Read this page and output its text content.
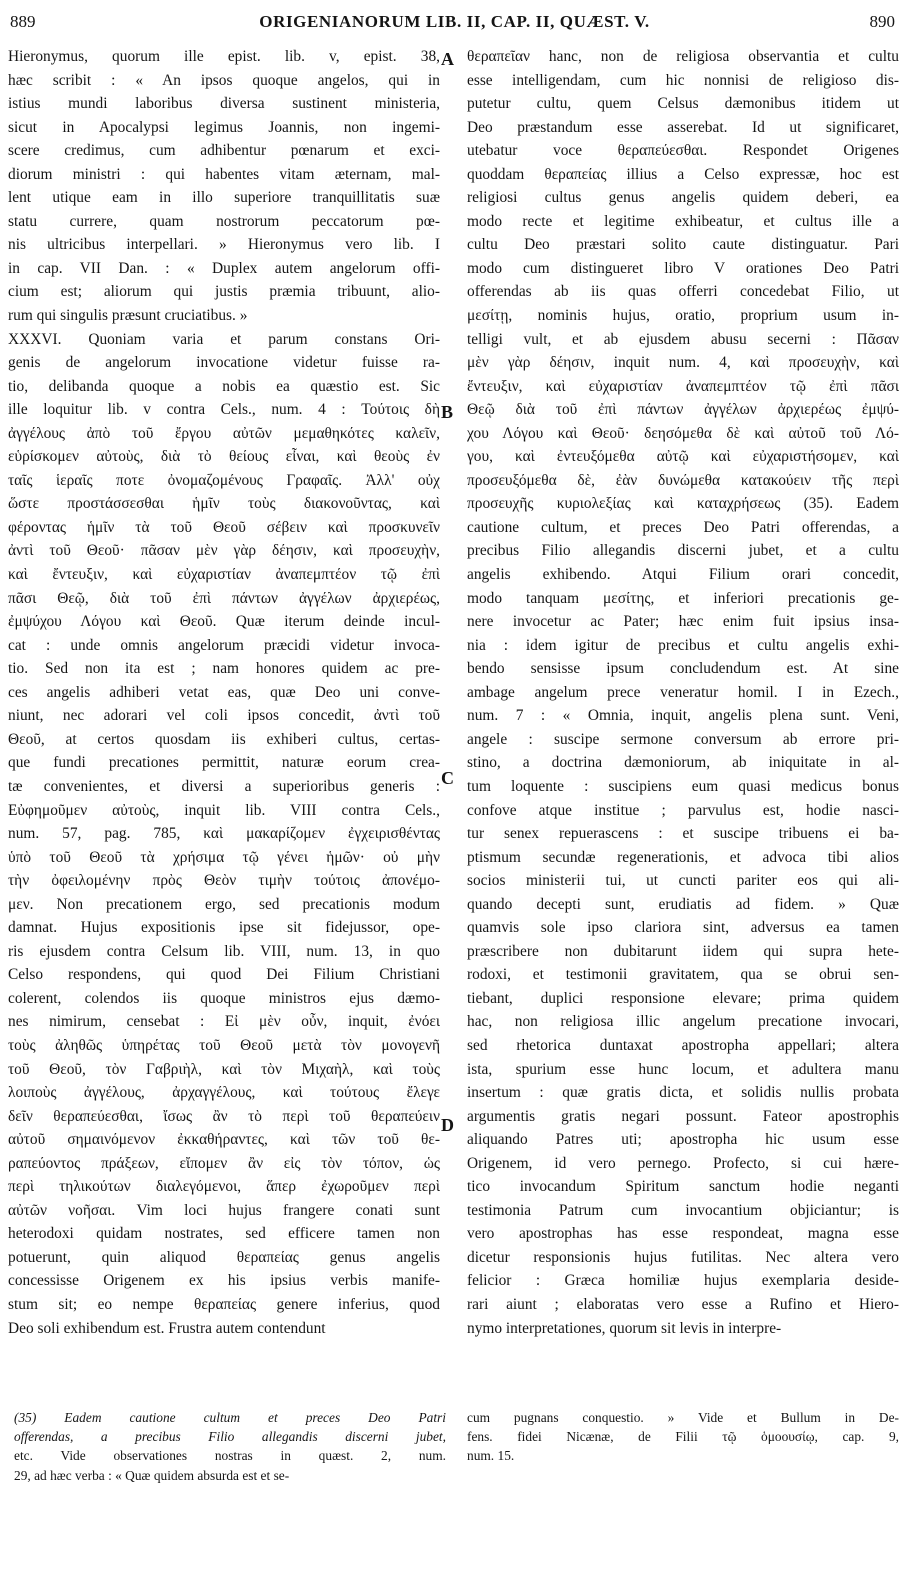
889	ORIGENIANORUM LIB. II, CAP. II, QUÆST. V.	890
A
B
C
D
Hieronymus, quorum ille epist. lib. v, epist. 38,
hæc scribit : « An ipsos quoque angelos, qui in
istius mundi laboribus diversa sustinent ministeria,
sicut in Apocalypsi legimus Joannis, non ingemi-
scere credimus, cum adhibentur pœnarum et exci-
diorum ministri : qui habentes vitam æternam, mal-
lent utique eam in illo superiore tranquillitatis suæ
statu currere, quam nostrorum peccatorum pœ-
nis ultricibus interpellari. » Hieronymus vero lib. I
in cap. VII Dan. : « Duplex autem angelorum offi-
cium est; aliorum qui justis præmia tribuunt, alio-
rum qui singulis præsunt cruciatibus. »
XXXVI. Quoniam varia et parum constans Ori-
genis de angelorum invocatione videtur fuisse ra-
tio, delibanda quoque a nobis ea quæstio est. Sic
ille loquitur lib. v contra Cels., num. 4 : Τούτοις δὴ
ἀγγέλους ἀπὸ τοῦ ἔργου αὐτῶν μεμαθηκότες καλεῖν,
εὑρίσκομεν αὐτοὺς, διὰ τὸ θείους εἶναι, καὶ θεοὺς ἐν
ταῖς ἱεραῖς ποτε ὀνομαζομένους Γραφαῖς. Ἀλλ' οὐχ
ὥστε προστάσσεσθαι ἡμῖν τοὺς διακονοῦντας, καὶ
φέροντας ἡμῖν τὰ τοῦ Θεοῦ σέβειν καὶ προσκυνεῖν
ἀντὶ τοῦ Θεοῦ· πᾶσαν μὲν γὰρ δέησιν, καὶ προσευχὴν,
καὶ ἔντευξιν, καὶ εὐχαριστίαν ἀναπεμπτέον τῷ ἐπὶ
πᾶσι Θεῷ, διὰ τοῦ ἐπὶ πάντων ἀγγέλων ἀρχιερέως,
ἐμψύχου Λόγου καὶ Θεοῦ. Quæ iterum deinde incul-
cat : unde omnis angelorum præcidi videtur invoca-
tio. Sed non ita est ; nam honores quidem ac pre-
ces angelis adhiberi vetat eas, quæ Deo uni conve-
niunt, nec adorari vel coli ipsos concedit, ἀντὶ τοῦ
Θεοῦ, at certos quosdam iis exhiberi cultus, certas-
que fundi precationes permittit, naturæ eorum crea-
tæ convenientes, et diversi a superioribus generis :
Εὐφημοῦμεν αὐτοὺς, inquit lib. VIII contra Cels.,
num. 57, pag. 785, καὶ μακαρίζομεν ἐγχειρισθέντας
ὑπὸ τοῦ Θεοῦ τὰ χρήσιμα τῷ γένει ἡμῶν· οὐ μὴν
τὴν ὀφειλομένην πρὸς Θεὸν τιμὴν τούτοις ἀπονέμο-
μεν. Non precationem ergo, sed precationis modum
damnat. Hujus expositionis ipse sit fidejussor, ope-
ris ejusdem contra Celsum lib. VIII, num. 13, in quo
Celso respondens, qui quod Dei Filium Christiani
colerent, colendos iis quoque ministros ejus dæmo-
nes nimirum, censebat : Εἰ μὲν οὖν, inquit, ἐνόει
τοὺς ἀληθῶς ὑπηρέτας τοῦ Θεοῦ μετὰ τὸν μονογενῆ
τοῦ Θεοῦ, τὸν Γαβριὴλ, καὶ τὸν Μιχαὴλ, καὶ τοὺς
λοιποὺς ἀγγέλους, ἀρχαγγέλους, καὶ τούτους ἔλεγε
δεῖν θεραπεύεσθαι, ἴσως ἂν τὸ περὶ τοῦ θεραπεύειν
αὐτοῦ σημαινόμενον ἐκκαθήραντες, καὶ τῶν τοῦ θε-
ραπεύοντος πράξεων, εἴπομεν ἂν εἰς τὸν τόπον, ὡς
περὶ τηλικούτων διαλεγόμενοι, ἅπερ ἐχωροῦμεν περὶ
αὐτῶν νοῆσαι. Vim loci hujus frangere conati sunt
heterodoxi quidam nostrates, sed efficere tamen non
potuerunt, quin aliquod θεραπείας genus angelis
concessisse Origenem ex his ipsius verbis manife-
stum sit; eo nempe θεραπείας genere inferius, quod
Deo soli exhibendum est. Frustra autem contendunt
θεραπεῖαν hanc, non de religiosa observantia et cultu
esse intelligendam, cum hic nonnisi de religioso dis-
putetur cultu, quem Celsus dæmonibus itidem ut
Deo præstandum esse asserebat. Id ut significaret,
utebatur voce θεραπεύεσθαι. Respondet Origenes
quoddam θεραπείας illius a Celso expressæ, hoc est
religiosi cultus genus angelis quidem deberi, ea
modo recte et legitime exhibeatur, et cultus ille a
cultu Deo præstari solito caute distinguatur. Pari
modo cum distingueret libro V orationes Deo Patri
offerendas ab iis quas offerri concedebat Filio, ut
μεσίτῃ, nominis hujus, oratio, proprium usum in-
telligi vult, et ab ejusdem abusu secerni : Πᾶσαν
μὲν γὰρ δέησιν, inquit num. 4, καὶ προσευχὴν, καὶ
ἔντευξιν, καὶ εὐχαριστίαν ἀναπεμπτέον τῷ ἐπὶ πᾶσι
Θεῷ διὰ τοῦ ἐπὶ πάντων ἀγγέλων ἀρχιερέως ἐμψύ-
χου Λόγου καὶ Θεοῦ· δεησόμεθα δὲ καὶ αὐτοῦ τοῦ Λό-
γου, καὶ ἐντευξόμεθα αὐτῷ καὶ εὐχαριστήσομεν, καὶ
προσευξόμεθα δὲ, ἐὰν δυνώμεθα κατακούειν τῆς περὶ
προσευχῆς κυριολεξίας καὶ καταχρήσεως (35). Eadem
cautione cultum, et preces Deo Patri offerendas, a
precibus Filio allegandis discerni jubet, et a cultu
angelis exhibendo. Atqui Filium orari concedit,
modo tanquam μεσίτης, et inferiori precationis ge-
nere invocetur ac Pater; hæc enim fuit ipsius insa-
nia : idem igitur de precibus et cultu angelis exhi-
bendo sensisse ipsum concludendum est. At sine
ambage angelum prece veneratur homil. I in Ezech.,
num. 7 : « Omnia, inquit, angelis plena sunt. Veni,
angele : suscipe sermone conversum ab errore pri-
stino, a doctrina dæmoniorum, ab iniquitate in al-
tum loquente : suscipiens eum quasi medicus bonus
confove atque institue ; parvulus est, hodie nasci-
tur senex repuerascens : et suscipe tribuens ei ba-
ptismum secundæ regenerationis, et advoca tibi alios
socios ministerii tui, ut cuncti pariter eos qui ali-
quando decepti sunt, erudiatis ad fidem. » Quæ
quamvis sole ipso clariora sint, adversus ea tamen
præscribere non dubitarunt iidem qui supra hete-
rodoxi, et testimonii gravitatem, qua se obrui sen-
tiebant, duplici responsione elevare; prima quidem
hac, non religiosa illic angelum precatione invocari,
sed rhetorica duntaxat apostropha appellari; altera
ista, spurium esse hunc locum, et adultera manu
insertum : quæ gratis dicta, et solidis nullis probata
argumentis gratis negari possunt. Fateor apostrophis
aliquando Patres uti; apostropha hic usum esse
Origenem, id vero pernego. Profecto, si cui hære-
tico invocandum Spiritum sanctum hodie neganti
testimonia Patrum cum invocantium objiciantur; is
vero apostrophas has esse respondeat, magna esse
dicetur responsionis hujus futilitas. Nec altera vero
felicior : Græca homiliæ hujus exemplaria deside-
rari aiunt ; elaboratas vero esse a Rufino et Hiero-
nymo interpretationes, quorum sit levis in interpre-
(35) Eadem cautione cultum et preces Deo Patri
offerendas, a precibus Filio allegandis discerni jubet,
etc. Vide observationes nostras in quæst. 2, num.
29, ad hæc verba : « Quæ quidem absurda est et se-
cum pugnans conquestio. » Vide et Bullum in De-
fens. fidei Nicænæ, de Filii τῷ ὁμοουσίῳ, cap. 9,
num. 15.
